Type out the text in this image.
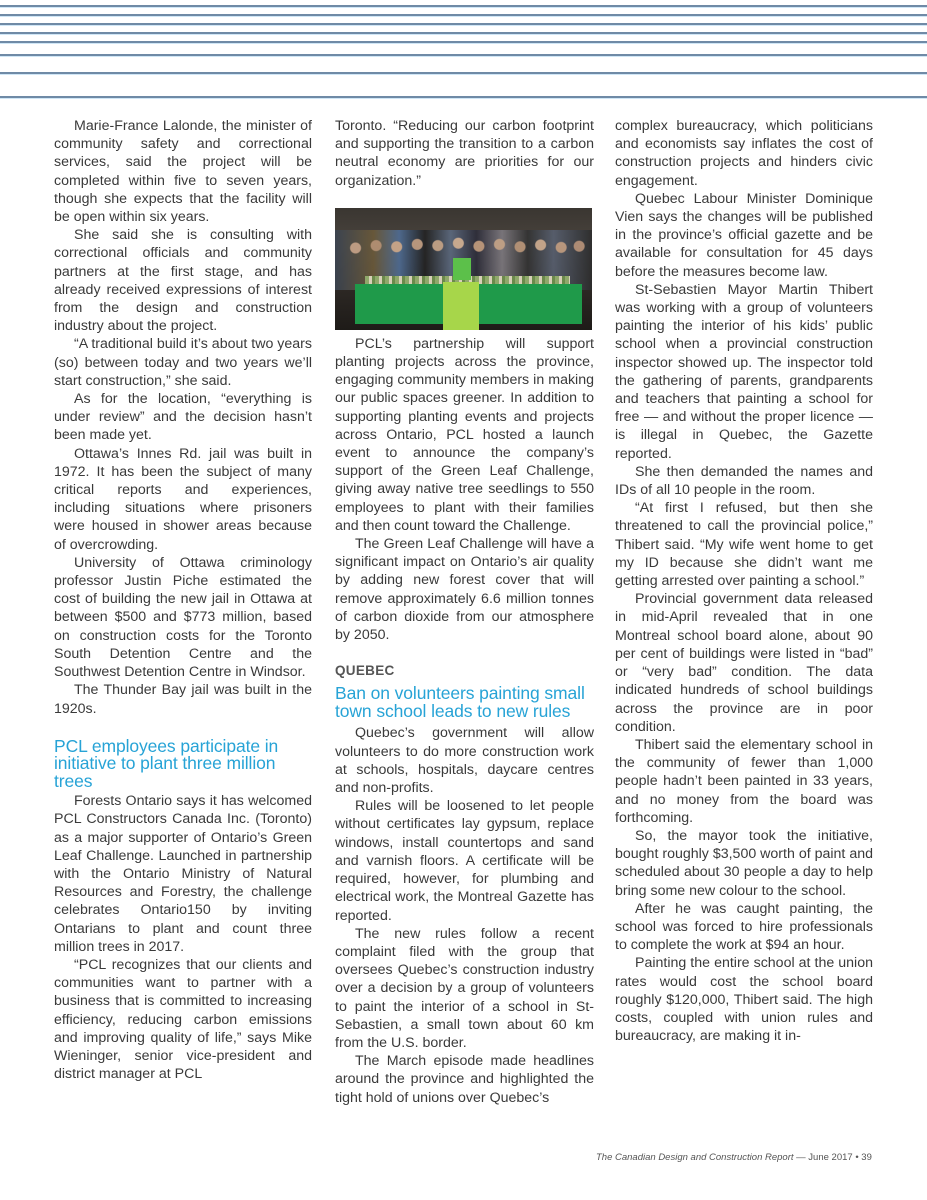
Marie-France Lalonde, the minister of community safety and correctional services, said the project will be completed within five to seven years, though she expects that the facility will be open within six years.

She said she is consulting with correctional officials and community partners at the first stage, and has already received expressions of interest from the design and construction industry about the project.

“A traditional build it’s about two years (so) between today and two years we’ll start construction,” she said.

As for the location, “everything is under review” and the decision hasn’t been made yet.

Ottawa’s Innes Rd. jail was built in 1972. It has been the subject of many critical reports and experiences, including situations where prisoners were housed in shower areas because of overcrowding.

University of Ottawa criminology professor Justin Piche estimated the cost of building the new jail in Ottawa at between $500 and $773 million, based on construction costs for the Toronto South Detention Centre and the Southwest Detention Centre in Windsor.

The Thunder Bay jail was built in the 1920s.

PCL employees participate in initiative to plant three million trees

Forests Ontario says it has welcomed PCL Constructors Canada Inc. (Toronto) as a major supporter of Ontario’s Green Leaf Challenge. Launched in partnership with the Ontario Ministry of Natural Resources and Forestry, the challenge celebrates Ontario150 by inviting Ontarians to plant and count three million trees in 2017.

“PCL recognizes that our clients and communities want to partner with a business that is committed to increasing efficiency, reducing carbon emissions and improving quality of life,” says Mike Wieninger, senior vice-president and district manager at PCL

Toronto. “Reducing our carbon footprint and supporting the transition to a carbon neutral economy are priorities for our organization.”

PCL’s partnership will support planting projects across the province, engaging community members in making our public spaces greener. In addition to supporting planting events and projects across Ontario, PCL hosted a launch event to announce the company’s support of the Green Leaf Challenge, giving away native tree seedlings to 550 employees to plant with their families and then count toward the Challenge.

The Green Leaf Challenge will have a significant impact on Ontario’s air quality by adding new forest cover that will remove approximately 6.6 million tonnes of carbon dioxide from our atmosphere by 2050.

QUEBEC
Ban on volunteers painting small town school leads to new rules

Quebec’s government will allow volunteers to do more construction work at schools, hospitals, daycare centres and non-profits.

Rules will be loosened to let people without certificates lay gypsum, replace windows, install countertops and sand and varnish floors. A certificate will be required, however, for plumbing and electrical work, the Montreal Gazette has reported.

The new rules follow a recent complaint filed with the group that oversees Quebec’s construction industry over a decision by a group of volunteers to paint the interior of a school in St-Sebastien, a small town about 60 km from the U.S. border.

The March episode made headlines around the province and highlighted the tight hold of unions over Quebec’s

complex bureaucracy, which politicians and economists say inflates the cost of construction projects and hinders civic engagement.

Quebec Labour Minister Dominique Vien says the changes will be published in the province’s official gazette and be available for consultation for 45 days before the measures become law.

St-Sebastien Mayor Martin Thibert was working with a group of volunteers painting the interior of his kids’ public school when a provincial construction inspector showed up. The inspector told the gathering of parents, grandparents and teachers that painting a school for free — and without the proper licence — is illegal in Quebec, the Gazette reported.

She then demanded the names and IDs of all 10 people in the room.

“At first I refused, but then she threatened to call the provincial police,” Thibert said. “My wife went home to get my ID because she didn’t want me getting arrested over painting a school.”

Provincial government data released in mid-April revealed that in one Montreal school board alone, about 90 per cent of buildings were listed in “bad” or “very bad” condition. The data indicated hundreds of school buildings across the province are in poor condition.

Thibert said the elementary school in the community of fewer than 1,000 people hadn’t been painted in 33 years, and no money from the board was forthcoming.

So, the mayor took the initiative, bought roughly $3,500 worth of paint and scheduled about 30 people a day to help bring some new colour to the school.

After he was caught painting, the school was forced to hire professionals to complete the work at $94 an hour.

Painting the entire school at the union rates would cost the school board roughly $120,000, Thibert said. The high costs, coupled with union rules and bureaucracy, are making it in-

The Canadian Design and Construction Report — June 2017 • 39
